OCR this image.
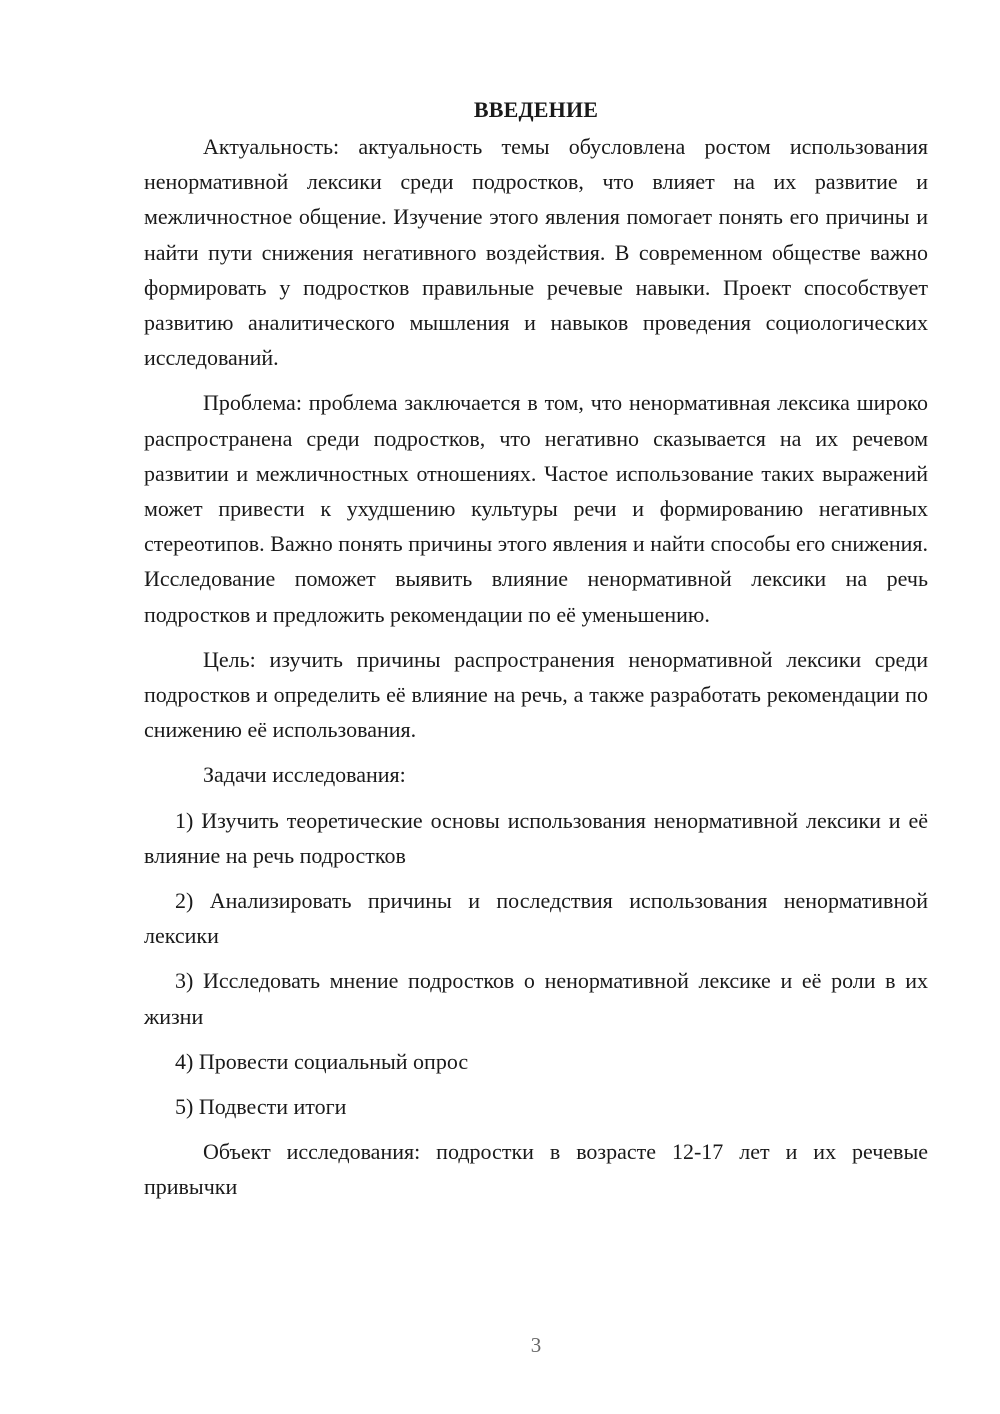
ВВЕДЕНИЕ

Актуальность: актуальность темы обусловлена ростом использования ненормативной лексики среди подростков, что влияет на их развитие и межличностное общение. Изучение этого явления помогает понять его причины и найти пути снижения негативного воздействия. В современном обществе важно формировать у подростков правильные речевые навыки. Проект способствует развитию аналитического мышления и навыков проведения социологических исследований.

Проблема: проблема заключается в том, что ненормативная лексика широко распространена среди подростков, что негативно сказывается на их речевом развитии и межличностных отношениях. Частое использование таких выражений может привести к ухудшению культуры речи и формированию негативных стереотипов. Важно понять причины этого явления и найти способы его снижения. Исследование поможет выявить влияние ненормативной лексики на речь подростков и предложить рекомендации по её уменьшению.

Цель: изучить причины распространения ненормативной лексики среди подростков и определить её влияние на речь, а также разработать рекомендации по снижению её использования.

Задачи исследования:

1) Изучить теоретические основы использования ненормативной лексики и её влияние на речь подростков

2) Анализировать причины и последствия использования ненормативной лексики

3) Исследовать мнение подростков о ненормативной лексике и её роли в их жизни

4) Провести социальный опрос

5) Подвести итоги

Объект исследования: подростки в возрасте 12-17 лет и их речевые привычки

3
